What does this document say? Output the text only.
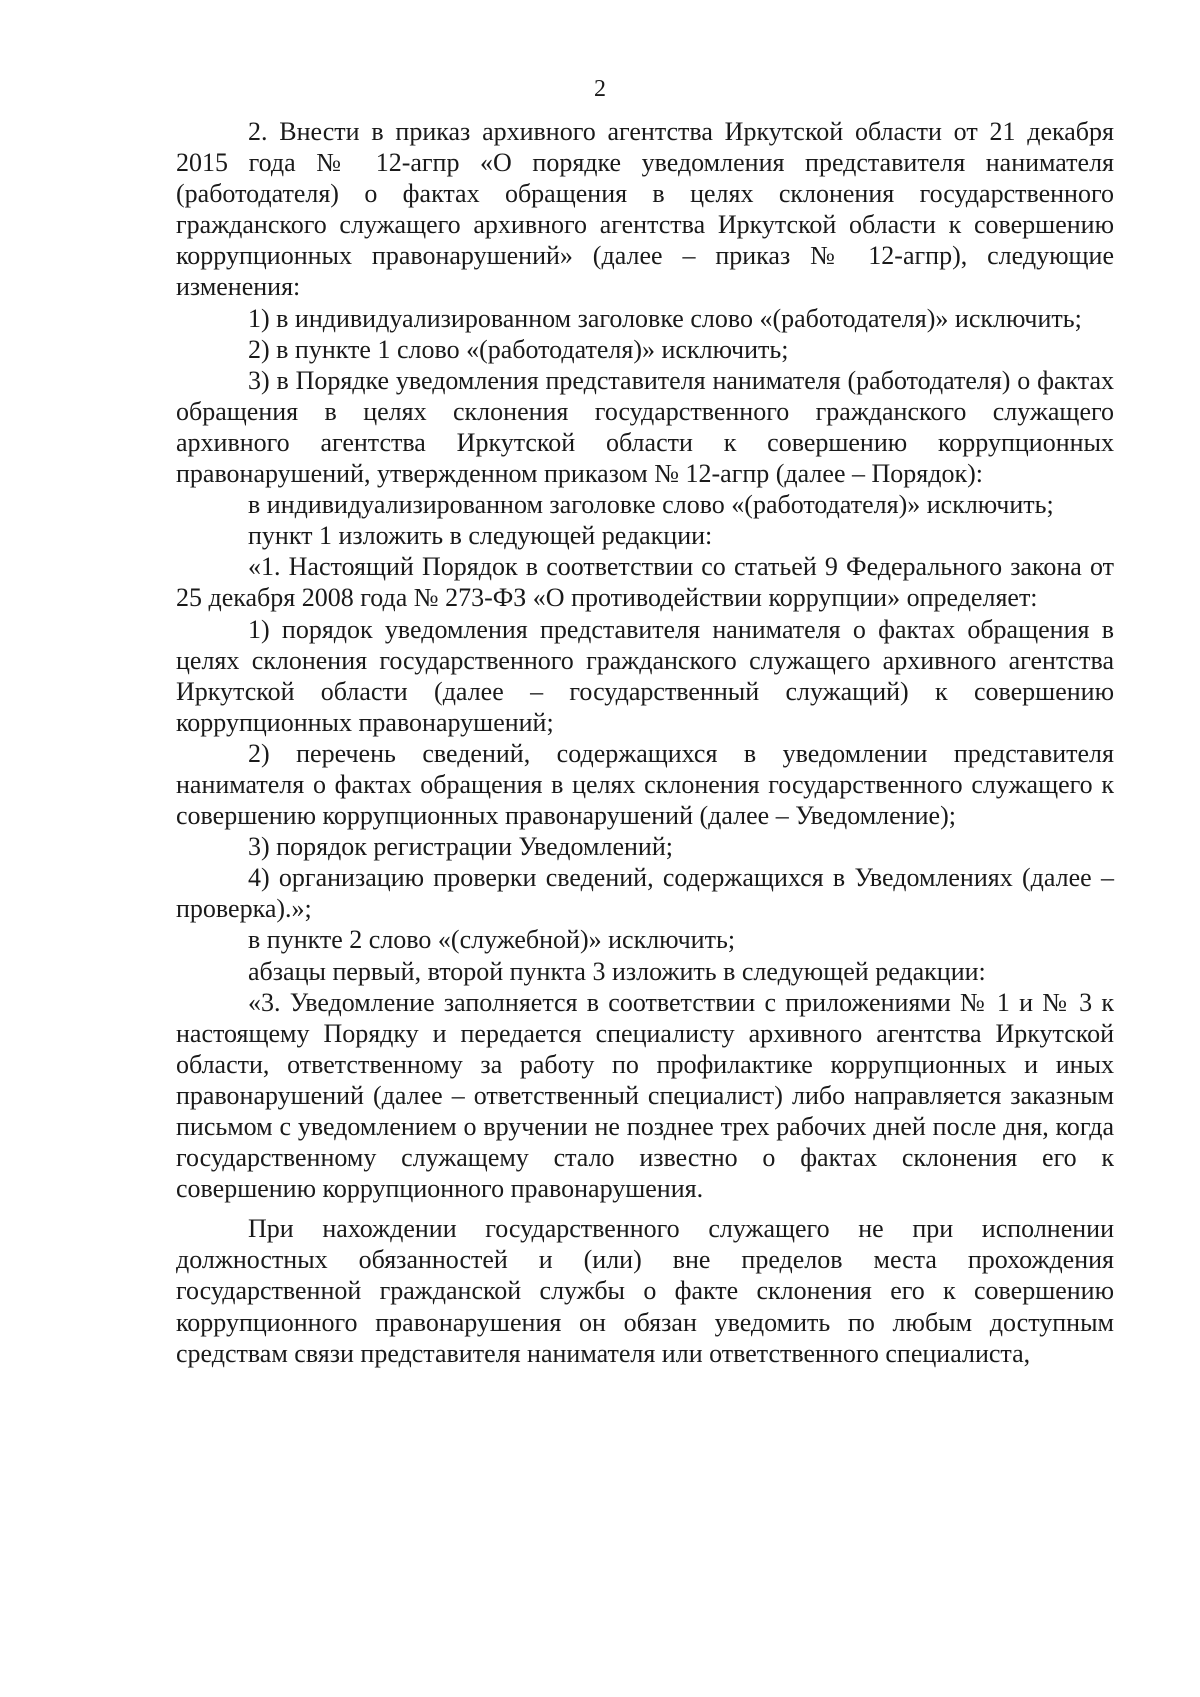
2

2. Внести в приказ архивного агентства Иркутской области от 21 декабря 2015 года № 12-агпр «О порядке уведомления представителя нанимателя (работодателя) о фактах обращения в целях склонения государственного гражданского служащего архивного агентства Иркутской области к совершению коррупционных правонарушений» (далее – приказ № 12-агпр), следующие изменения:

1) в индивидуализированном заголовке слово «(работодателя)» исключить;

2) в пункте 1 слово «(работодателя)» исключить;

3) в Порядке уведомления представителя нанимателя (работодателя) о фактах обращения в целях склонения государственного гражданского служащего архивного агентства Иркутской области к совершению коррупционных правонарушений, утвержденном приказом № 12-агпр (далее – Порядок):

в индивидуализированном заголовке слово «(работодателя)» исключить;

пункт 1 изложить в следующей редакции:

«1. Настоящий Порядок в соответствии со статьей 9 Федерального закона от 25 декабря 2008 года № 273-ФЗ «О противодействии коррупции» определяет:

1) порядок уведомления представителя нанимателя о фактах обращения в целях склонения государственного гражданского служащего архивного агентства Иркутской области (далее – государственный служащий) к совершению коррупционных правонарушений;

2) перечень сведений, содержащихся в уведомлении представителя нанимателя о фактах обращения в целях склонения государственного служащего к совершению коррупционных правонарушений (далее – Уведомление);

3) порядок регистрации Уведомлений;

4) организацию проверки сведений, содержащихся в Уведомлениях (далее – проверка).»;

в пункте 2 слово «(служебной)» исключить;

абзацы первый, второй пункта 3 изложить в следующей редакции:

«3. Уведомление заполняется в соответствии с приложениями № 1 и № 3 к настоящему Порядку и передается специалисту архивного агентства Иркутской области, ответственному за работу по профилактике коррупционных и иных правонарушений (далее – ответственный специалист) либо направляется заказным письмом с уведомлением о вручении не позднее трех рабочих дней после дня, когда государственному служащему стало известно о фактах склонения его к совершению коррупционного правонарушения.

При нахождении государственного служащего не при исполнении должностных обязанностей и (или) вне пределов места прохождения государственной гражданской службы о факте склонения его к совершению коррупционного правонарушения он обязан уведомить по любым доступным средствам связи представителя нанимателя или ответственного специалиста,
